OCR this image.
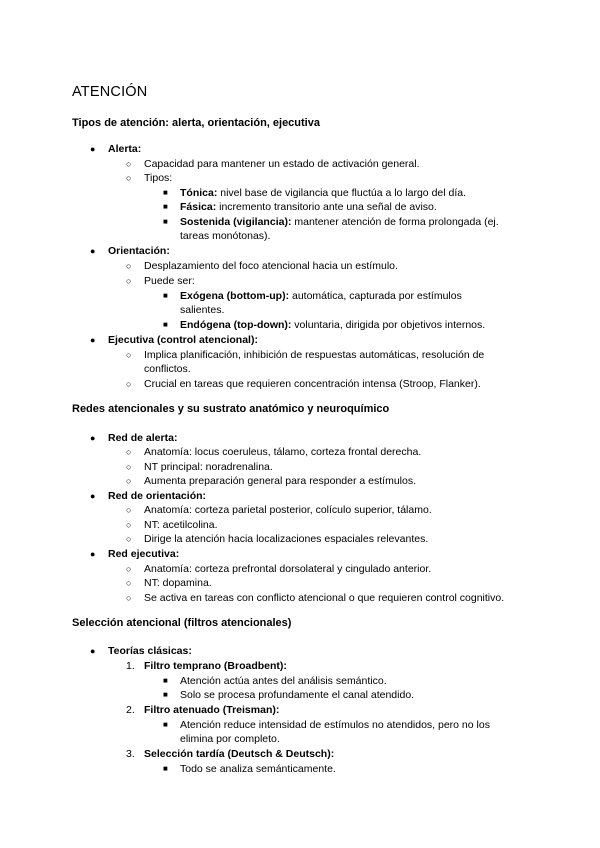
ATENCIÓN
Tipos de atención: alerta, orientación, ejecutiva
● Alerta:
○ Capacidad para mantener un estado de activación general.
○ Tipos:
■ Tónica: nivel base de vigilancia que fluctúa a lo largo del día.
■ Fásica: incremento transitorio ante una señal de aviso.
■ Sostenida (vigilancia): mantener atención de forma prolongada (ej.
tareas monótonas).
● Orientación:
○ Desplazamiento del foco atencional hacia un estímulo.
○ Puede ser:
■ Exógena (bottom-up): automática, capturada por estímulos
salientes.
■ Endógena (top-down): voluntaria, dirigida por objetivos internos.
● Ejecutiva (control atencional):
○ Implica planificación, inhibición de respuestas automáticas, resolución de
conflictos.
○ Crucial en tareas que requieren concentración intensa (Stroop, Flanker).
Redes atencionales y su sustrato anatómico y neuroquímico
● Red de alerta:
○ Anatomía: locus coeruleus, tálamo, corteza frontal derecha.
○ NT principal: noradrenalina.
○ Aumenta preparación general para responder a estímulos.
● Red de orientación:
○ Anatomía: corteza parietal posterior, colículo superior, tálamo.
○ NT: acetilcolina.
○ Dirige la atención hacia localizaciones espaciales relevantes.
● Red ejecutiva:
○ Anatomía: corteza prefrontal dorsolateral y cingulado anterior.
○ NT: dopamina.
○ Se activa en tareas con conflicto atencional o que requieren control cognitivo.
Selección atencional (filtros atencionales)
● Teorías clásicas:
1. Filtro temprano (Broadbent):
■ Atención actúa antes del análisis semántico.
■ Solo se procesa profundamente el canal atendido.
2. Filtro atenuado (Treisman):
■ Atención reduce intensidad de estímulos no atendidos, pero no los
elimina por completo.
3. Selección tardía (Deutsch & Deutsch):
■ Todo se analiza semánticamente.
